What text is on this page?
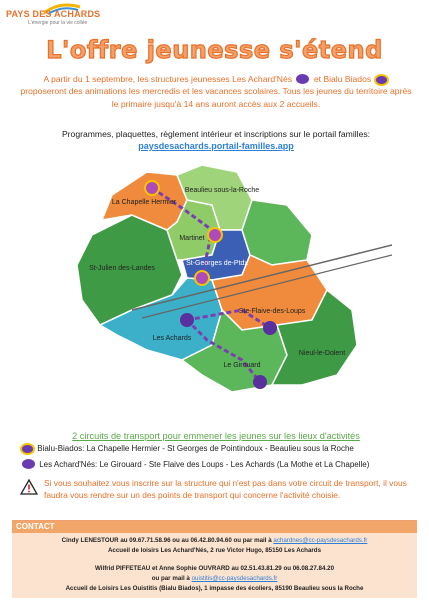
PAYS DES ACHARDS
L'énergie pour la vie collée
L'offre jeunesse s'étend
A partir du 1 septembre, les structures jeunesses Les Achard'Nés	et Bialu Biados  proposeront des animations les mercredis et les vacances scolaires. Tous les jeunes du territoire après le primaire jusqu'à 14 ans auront accès aux 2 accueils.
Programmes, plaquettes, règlement intérieur et inscriptions sur le portail familles:
paysdesachards.portail-familles.app
La Chapelle Hermier
Beaulieu sous-la-Roche
Martinet
St-Georges de-Ptdx
St-Julien des-Landes
Les Achards
Ste-Flaive-des-Loups
Le Girouard
Nieul-le-Dolent
2 circuits de transport pour emmener les jeunes sur les lieux d'activités
Bialu-Biados: La Chapelle Hermier - St Georges de Pointindoux - Beaulieu sous la Roche
Les Achard'Nés: Le Girouard - Ste Flaive des Loups - Les Achards (La Mothe et La Chapelle)
Si vous souhaitez vous inscrire sur la structure qui n'est pas dans votre circuit de transport, il vous faudra vous rendre sur un des points de transport qui concerne l'activité choisie.
CONTACT
Cindy LENESTOUR au 09.67.71.58.96 ou au 06.42.80.94.60 ou par mail à achardnes@cc-paysdesachards.fr
Accueil de loisirs Les Achard'Nés, 2 rue Victor Hugo, 85150 Les Achards
Wilfrid PIFFETEAU et Anne Sophie OUVRARD au 02.51.43.81.29 ou 06.08.27.84.20
ou par mail à ouistitis@cc-paysdesachards.fr
Accueil de Loisirs Les Ouistitis (Bialu Biados), 1 impasse des écoliers, 85190 Beaulieu sous la Roche
